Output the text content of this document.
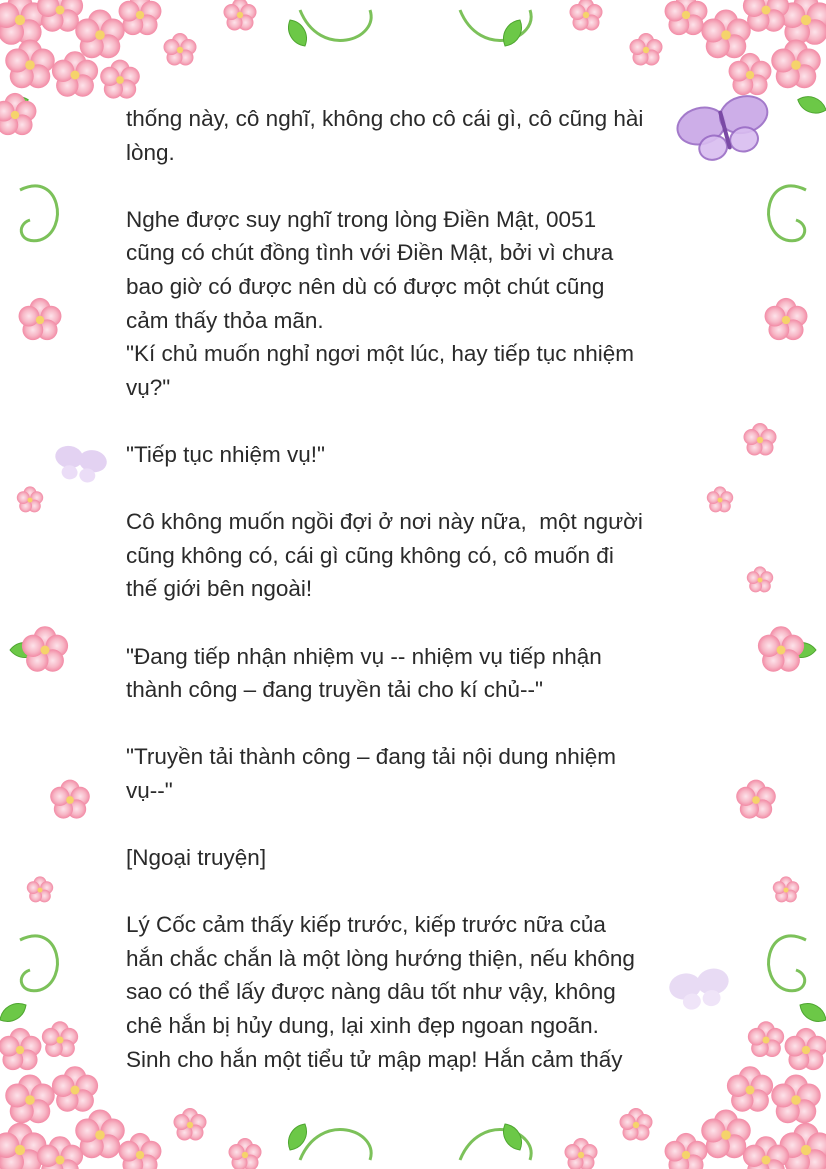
thống này, cô nghĩ, không cho cô cái gì, cô cũng hài
lòng.

Nghe được suy nghĩ trong lòng Điền Mật, 0051
cũng có chút đồng tình với Điền Mật, bởi vì chưa
bao giờ có được nên dù có được một chút cũng
cảm thấy thỏa mãn.

"Kí chủ muốn nghỉ ngơi một lúc, hay tiếp tục nhiệm
vụ?"

"Tiếp tục nhiệm vụ!"

Cô không muốn ngồi đợi ở nơi này nữa,  một người
cũng không có, cái gì cũng không có, cô muốn đi
thế giới bên ngoài!

"Đang tiếp nhận nhiệm vụ -- nhiệm vụ tiếp nhận
thành công – đang truyền tải cho kí chủ--"

"Truyền tải thành công – đang tải nội dung nhiệm
vụ--"

[Ngoại truyện]

Lý Cốc cảm thấy kiếp trước, kiếp trước nữa của
hắn chắc chắn là một lòng hướng thiện, nếu không
sao có thể lấy được nàng dâu tốt như vậy, không
chê hắn bị hủy dung, lại xinh đẹp ngoan ngoãn.
Sinh cho hắn một tiểu tử mập mạp! Hắn cảm thấy
